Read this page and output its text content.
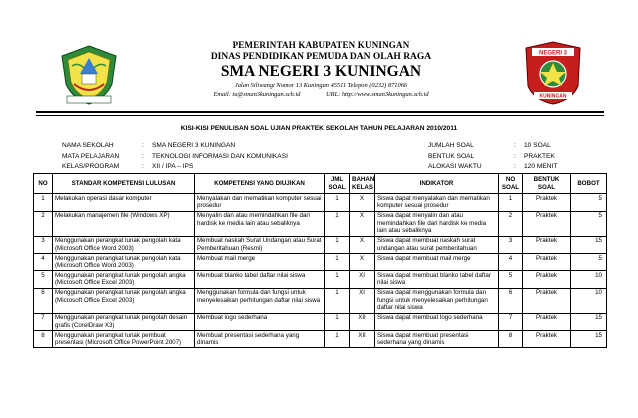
PEMERINTAH KABUPATEN KUNINGAN
DINAS PENDIDIKAN PEMUDA DAN OLAH RAGA
SMA NEGERI 3 KUNINGAN
Jalan Siliwangi Nomor 13 Kuningan 45511 Telepon (0232) 871066
Email: tu@sman3kuningan.sch.id	URL: http://www.sman3kuningan.sch.id
NEGERI 3
KUNINGAN
KISI-KISI PENULISAN SOAL UJIAN PRAKTEK SEKOLAH TAHUN PELAJARAN 2010/2011
NAMA SEKOLAH	:	SMA NEGERI 3 KUNINGAN
MATA PELAJARAN	:	TEKNOLOGI INFORMASI DAN KOMUNIKASI
KELAS/PROGRAM	:	XII / IPA – IPS
JUMLAH SOAL	:	10 SOAL
BENTUK SOAL	:	PRAKTEK
ALOKASI WAKTU	:	120 MENIT
NO	STANDAR KOMPETENSI LULUSAN	KOMPETENSI YANG DIUJIKAN	JML SOAL	BAHAN KELAS	INDIKATOR	NO SOAL	BENTUK SOAL	BOBOT
1	Melakukan operasi dasar komputer	Menyalakan dan mematikan komputer sesuai prosedur	1	X	Siswa dapat menyalakan dan mematikan komputer sesuai prosedur	1	Praktek	5
2	Melakukan manajemen file (Windows XP)	Menyalin dan atau memindahkan file dari hardisk ke media lain atau sebaliknya	1	X	Siswa dapat menyalin dan atau memindahkan file dari hardisk ke media lain atau sebaliknya	2	Praktek	5
3	Menggunakan perangkat lunak pengolah kata (Microsoft Office Word 2003)	Membuat naskah Surat Undangan atau Surat Pemberitahuan (Resmi)	1	X	Siswa dapat membuat naskah surat undangan atau surat pemberitahuan	3	Praktek	15
4	Menggunakan perangkat lunak pengolah kata (Microsoft Office Word 2003)	Membuat mail merge	1	X	Siswa dapat membuat mail merge	4	Praktek	5
5	Menggunakan perangkat lunak pengolah angka (Microsoft Office Excel 2003)	Membuat blanko tabel daftar nilai siswa	1	XI	Siswa dapat membuat blanko tabel daftar nilai siswa	5	Praktek	10
6	Menggunakan perangkat lunak pengolah angka (Microsoft Office Excel 2003)	Menggunakan formula dan fungsi untuk menyelesaikan perhitungan daftar nilai siswa	1	XI	Siswa dapat menggunakan formula dan fungsi untuk menyelesaikan perhitungan daftar nilai siswa	6	Praktek	10
7	Menggunakan perangkat lunak pengolah desain grafis (CorelDraw X3)	Membuat logo sederhana	1	XII	Siswa dapat membuat logo sederhana	7	Praktek	15
8	Menggunakan perangkat lunak pembuat presentasi (Microsoft Office PowerPoint 2007)	Membuat presentasi sederhana yang dinamis	1	XII	Siswa dapat membuat presentasi sederhana yang dinamis	8	Praktek	15
